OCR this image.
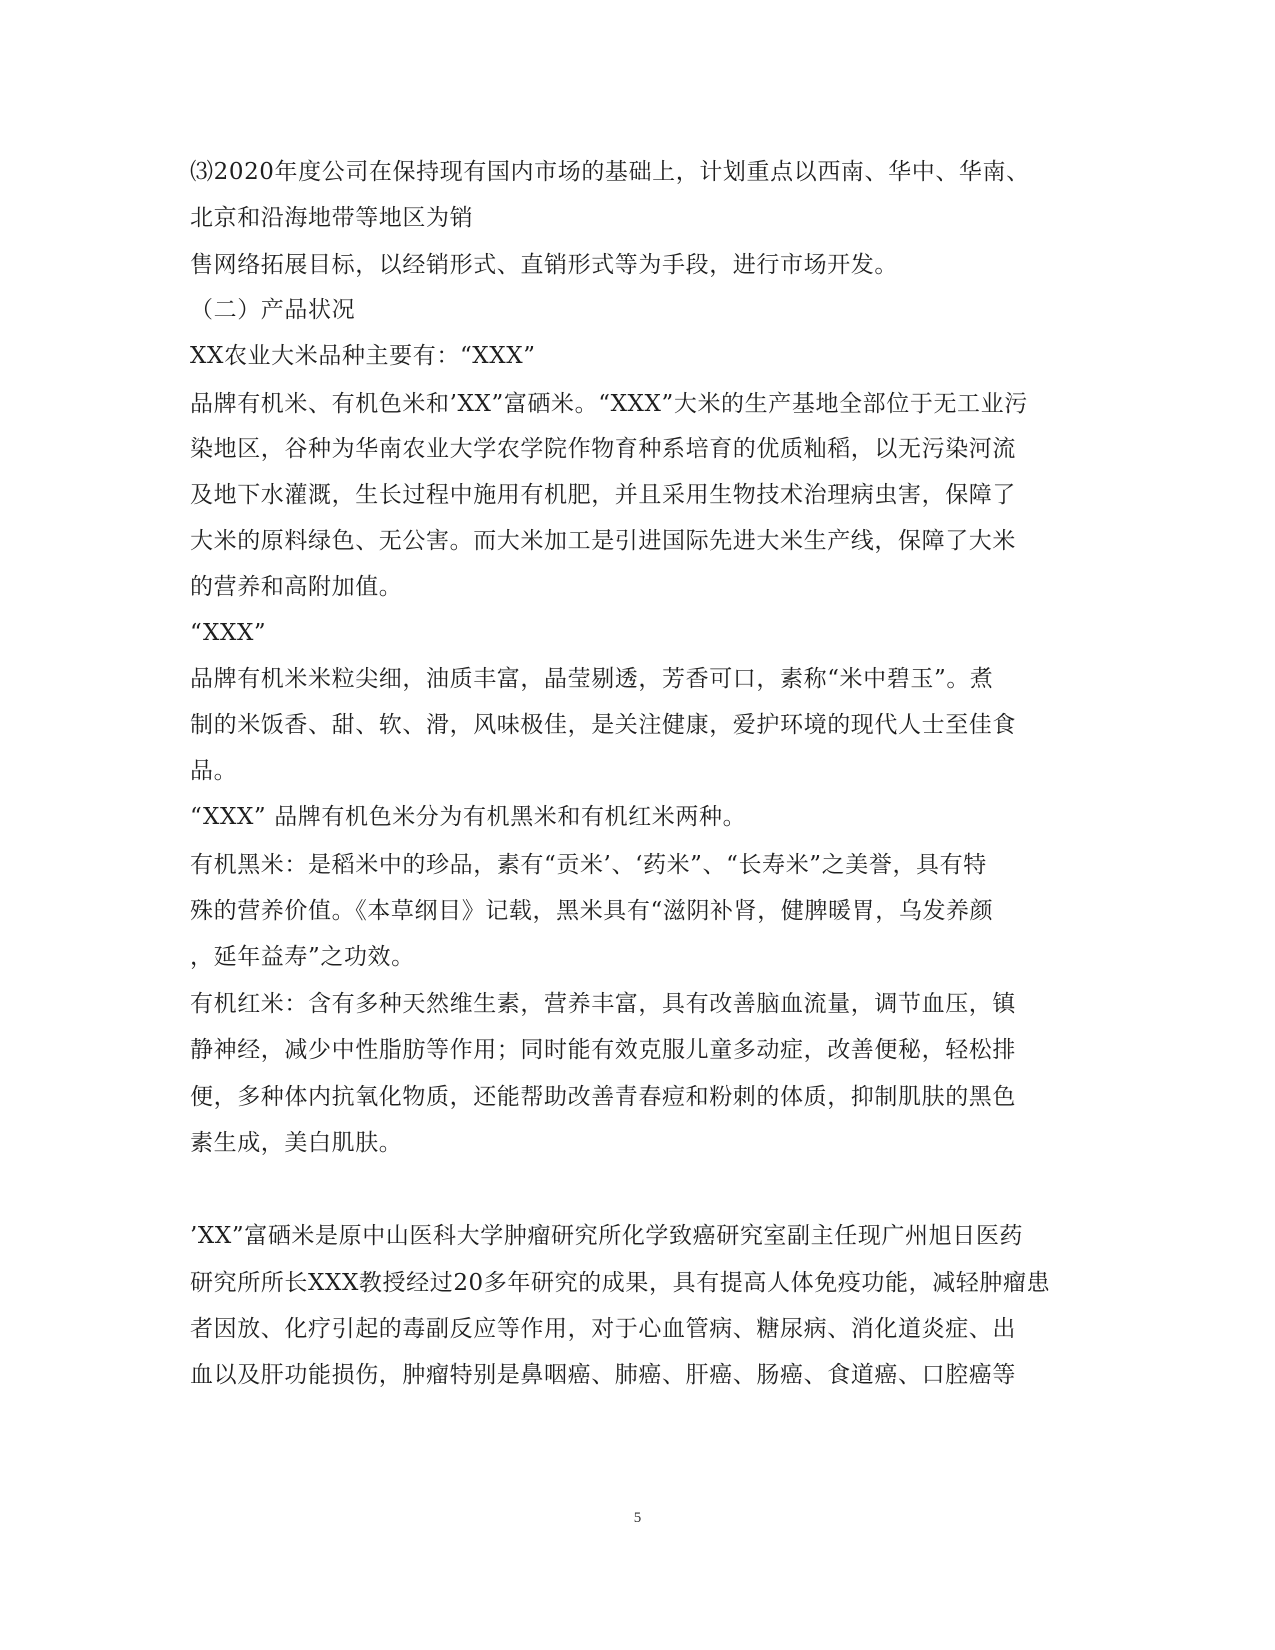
⑶2020年度公司在保持现有国内市场的基础上，计划重点以西南、华中、华南、
北京和沿海地带等地区为销
售网络拓展目标，以经销形式、直销形式等为手段，进行市场开发。
（二）产品状况
XX农业大米品种主要有：“XXX”
品牌有机米、有机色米和’XX”富硒米。“XXX”大米的生产基地全部位于无工业污
染地区，谷种为华南农业大学农学院作物育种系培育的优质籼稻，以无污染河流
及地下水灌溉，生长过程中施用有机肥，并且采用生物技术治理病虫害，保障了
大米的原料绿色、无公害。而大米加工是引进国际先进大米生产线，保障了大米
的营养和高附加值。
“XXX”
品牌有机米米粒尖细，油质丰富，晶莹剔透，芳香可口，素称“米中碧玉”。煮
制的米饭香、甜、软、滑，风味极佳，是关注健康，爱护环境的现代人士至佳食
品。
“XXX” 品牌有机色米分为有机黑米和有机红米两种。
有机黑米：是稻米中的珍品，素有“贡米’、‘药米”、“长寿米”之美誉，具有特
殊的营养价值。《本草纲目》记载，黑米具有“滋阴补肾，健脾暖胃，乌发养颜
，延年益寿”之功效。
有机红米：含有多种天然维生素，营养丰富，具有改善脑血流量，调节血压，镇
静神经，减少中性脂肪等作用；同时能有效克服儿童多动症，改善便秘，轻松排
便，多种体内抗氧化物质，还能帮助改善青春痘和粉刺的体质，抑制肌肤的黑色
素生成，美白肌肤。
’XX”富硒米是原中山医科大学肿瘤研究所化学致癌研究室副主任现广州旭日医药
研究所所长XXX教授经过20多年研究的成果，具有提高人体免疫功能，减轻肿瘤患
者因放、化疗引起的毒副反应等作用，对于心血管病、糖尿病、消化道炎症、出
血以及肝功能损伤，肿瘤特别是鼻咽癌、肺癌、肝癌、肠癌、食道癌、口腔癌等
5
